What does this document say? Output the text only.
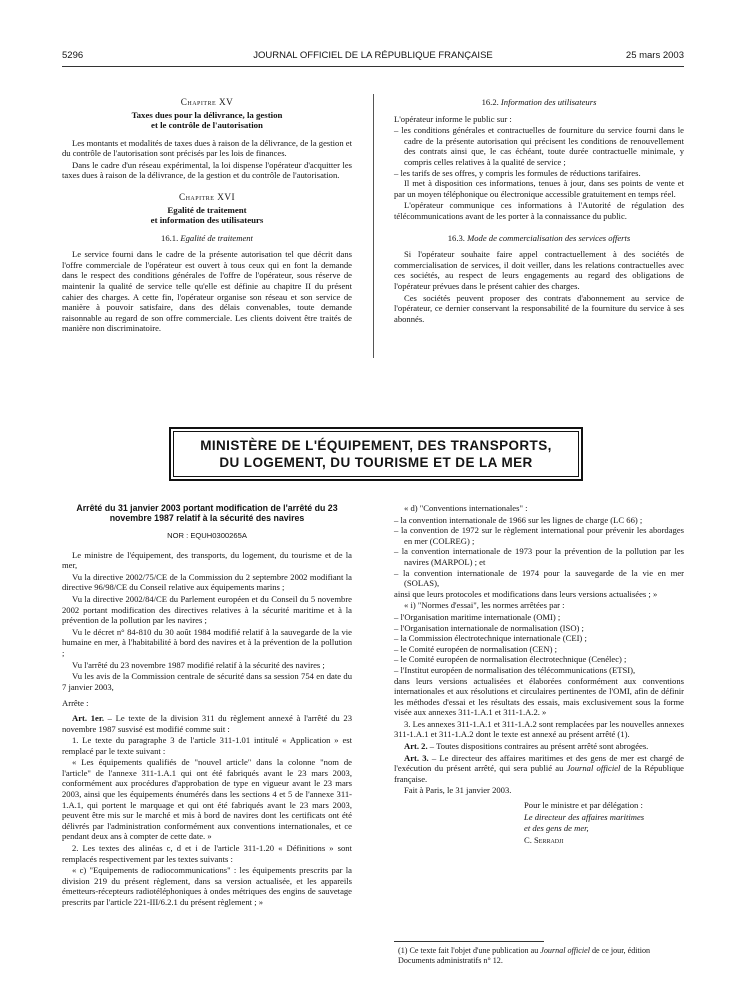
5296	JOURNAL OFFICIEL DE LA RÉPUBLIQUE FRANÇAISE	25 mars 2003
Chapitre XV
Taxes dues pour la délivrance, la gestion
et le contrôle de l'autorisation

Les montants et modalités de taxes dues à raison de la délivrance, de la gestion et du contrôle de l'autorisation sont précisés par les lois de finances.

Dans le cadre d'un réseau expérimental, la loi dispense l'opérateur d'acquitter les taxes dues à raison de la délivrance, de la gestion et du contrôle de l'autorisation.

Chapitre XVI
Egalité de traitement
et information des utilisateurs
16.1. Egalité de traitement

Le service fourni dans le cadre de la présente autorisation tel que décrit dans l'offre commerciale de l'opérateur est ouvert à tous ceux qui en font la demande dans le respect des conditions générales de l'offre de l'opérateur, sous réserve de maintenir la qualité de service telle qu'elle est définie au chapitre II du présent cahier des charges. A cette fin, l'opérateur organise son réseau et son service de manière à pouvoir satisfaire, dans des délais convenables, toute demande raisonnable au regard de son offre commerciale. Les clients doivent être traités de manière non discriminatoire.

16.2. Information des utilisateurs

L'opérateur informe le public sur :

– les conditions générales et contractuelles de fourniture du service fourni dans le cadre de la présente autorisation qui précisent les conditions de renouvellement des contrats ainsi que, le cas échéant, toute durée contractuelle minimale, y compris celles relatives à la qualité de service ;
– les tarifs de ses offres, y compris les formules de réductions tarifaires.

Il met à disposition ces informations, tenues à jour, dans ses points de vente et par un moyen téléphonique ou électronique accessible gratuitement en temps réel.

L'opérateur communique ces informations à l'Autorité de régulation des télécommunications avant de les porter à la connaissance du public.

16.3. Mode de commercialisation des services offerts

Si l'opérateur souhaite faire appel contractuellement à des sociétés de commercialisation de services, il doit veiller, dans les relations contractuelles avec ces sociétés, au respect de leurs engagements au regard des obligations de l'opérateur prévues dans le présent cahier des charges.

Ces sociétés peuvent proposer des contrats d'abonnement au service de l'opérateur, ce dernier conservant la responsabilité de la fourniture du service à ses abonnés.

MINISTÈRE DE L'ÉQUIPEMENT, DES TRANSPORTS,
DU LOGEMENT, DU TOURISME ET DE LA MER
Arrêté du 31 janvier 2003 portant modification de l'arrêté du 23 novembre 1987 relatif à la sécurité des navires
NOR : EQUH0300265A

Le ministre de l'équipement, des transports, du logement, du tourisme et de la mer,

Vu la directive 2002/75/CE de la Commission du 2 septembre 2002 modifiant la directive 96/98/CE du Conseil relative aux équipements marins ;

Vu la directive 2002/84/CE du Parlement européen et du Conseil du 5 novembre 2002 portant modification des directives relatives à la sécurité maritime et à la prévention de la pollution par les navires ;

Vu le décret n° 84-810 du 30 août 1984 modifié relatif à la sauvegarde de la vie humaine en mer, à l'habitabilité à bord des navires et à la prévention de la pollution ;

Vu l'arrêté du 23 novembre 1987 modifié relatif à la sécurité des navires ;

Vu les avis de la Commission centrale de sécurité dans sa session 754 en date du 7 janvier 2003,

Arrête :

Art. 1er. – Le texte de la division 311 du règlement annexé à l'arrêté du 23 novembre 1987 susvisé est modifié comme suit :

1. Le texte du paragraphe 3 de l'article 311-1.01 intitulé « Application » est remplacé par le texte suivant :

« Les équipements qualifiés de "nouvel article" dans la colonne "nom de l'article" de l'annexe 311-1.A.1 qui ont été fabriqués avant le 23 mars 2003, conformément aux procédures d'approbation de type en vigueur avant le 23 mars 2003, ainsi que les équipements énumérés dans les sections 4 et 5 de l'annexe 311-1.A.1, qui portent le marquage et qui ont été fabriqués avant le 23 mars 2003, peuvent être mis sur le marché et mis à bord de navires dont les certificats ont été délivrés par l'administration conformément aux conventions internationales, et ce pendant deux ans à compter de cette date. »

2. Les textes des alinéas c, d et i de l'article 311-1.20 « Définitions » sont remplacés respectivement par les textes suivants :

« c) "Equipements de radiocommunications" : les équipements prescrits par la division 219 du présent règlement, dans sa version actualisée, et les appareils émetteurs-récepteurs radiotéléphoniques à ondes métriques des engins de sauvetage prescrits par l'article 221-III/6.2.1 du présent règlement ; »

« d) "Conventions internationales" :

– la convention internationale de 1966 sur les lignes de charge (LC 66) ;
– la convention de 1972 sur le règlement international pour prévenir les abordages en mer (COLREG) ;
– la convention internationale de 1973 pour la prévention de la pollution par les navires (MARPOL) ; et
– la convention internationale de 1974 pour la sauvegarde de la vie en mer (SOLAS),

ainsi que leurs protocoles et modifications dans leurs versions actualisées ; »

« i) "Normes d'essai", les normes arrêtées par :

– l'Organisation maritime internationale (OMI) ;
– l'Organisation internationale de normalisation (ISO) ;
– la Commission électrotechnique internationale (CEI) ;
– le Comité européen de normalisation (CEN) ;
– le Comité européen de normalisation électrotechnique (Cenélec) ;
– l'Institut européen de normalisation des télécommunications (ETSI),

dans leurs versions actualisées et élaborées conformément aux conventions internationales et aux résolutions et circulaires pertinentes de l'OMI, afin de définir les méthodes d'essai et les résultats des essais, mais exclusivement sous la forme visée aux annexes 311-1.A.1 et 311-1.A.2. »

3. Les annexes 311-1.A.1 et 311-1.A.2 sont remplacées par les nouvelles annexes 311-1.A.1 et 311-1.A.2 dont le texte est annexé au présent arrêté (1).

Art. 2. – Toutes dispositions contraires au présent arrêté sont abrogées.

Art. 3. – Le directeur des affaires maritimes et des gens de mer est chargé de l'exécution du présent arrêté, qui sera publié au Journal officiel de la République française.

Fait à Paris, le 31 janvier 2003.

Pour le ministre et par délégation :

Le directeur des affaires maritimes

et des gens de mer,

C. Serradji

(1) Ce texte fait l'objet d'une publication au Journal officiel de ce jour, édition Documents administratifs n° 12.
